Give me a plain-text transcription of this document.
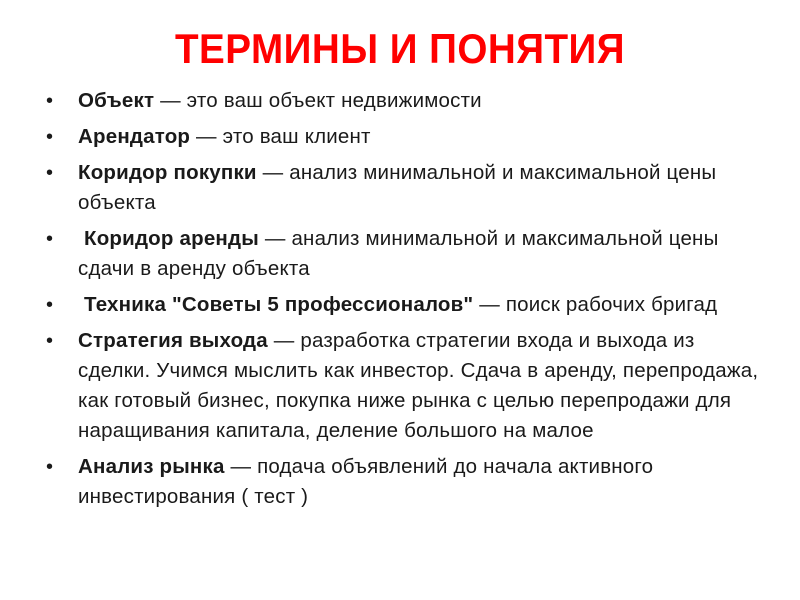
ТЕРМИНЫ И ПОНЯТИЯ
•	Объект — это ваш объект недвижимости
•	Арендатор — это ваш клиент
•	Коридор покупки — анализ минимальной и максимальной цены объекта
•	Коридор аренды — анализ минимальной и максимальной цены сдачи в аренду объекта
•	Техника "Советы 5 профессионалов" — поиск рабочих бригад
•	Стратегия выхода — разработка стратегии входа и выхода из сделки. Учимся мыслить как инвестор. Сдача в аренду, перепродажа, как готовый бизнес, покупка ниже рынка с целью перепродажи для наращивания капитала, деление большого на малое
•	Анализ рынка — подача объявлений до начала активного инвестирования ( тест )
